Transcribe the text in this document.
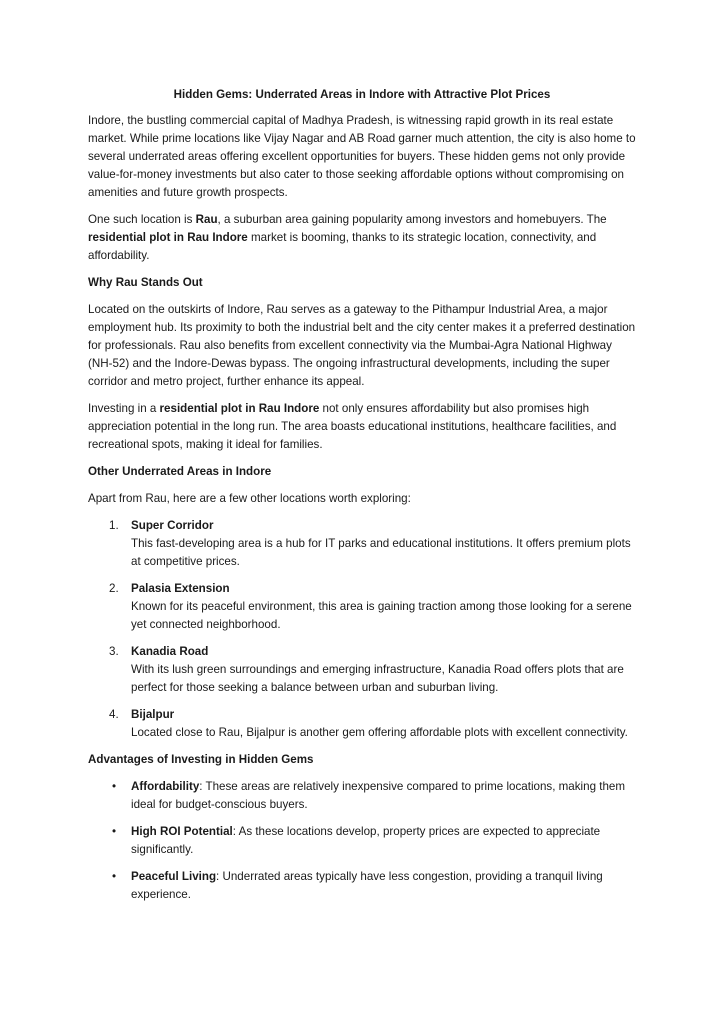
Hidden Gems: Underrated Areas in Indore with Attractive Plot Prices

Indore, the bustling commercial capital of Madhya Pradesh, is witnessing rapid growth in its real estate market. While prime locations like Vijay Nagar and AB Road garner much attention, the city is also home to several underrated areas offering excellent opportunities for buyers. These hidden gems not only provide value-for-money investments but also cater to those seeking affordable options without compromising on amenities and future growth prospects.

One such location is Rau, a suburban area gaining popularity among investors and homebuyers. The residential plot in Rau Indore market is booming, thanks to its strategic location, connectivity, and affordability.

Why Rau Stands Out

Located on the outskirts of Indore, Rau serves as a gateway to the Pithampur Industrial Area, a major employment hub. Its proximity to both the industrial belt and the city center makes it a preferred destination for professionals. Rau also benefits from excellent connectivity via the Mumbai-Agra National Highway (NH-52) and the Indore-Dewas bypass. The ongoing infrastructural developments, including the super corridor and metro project, further enhance its appeal.

Investing in a residential plot in Rau Indore not only ensures affordability but also promises high appreciation potential in the long run. The area boasts educational institutions, healthcare facilities, and recreational spots, making it ideal for families.

Other Underrated Areas in Indore

Apart from Rau, here are a few other locations worth exploring:

1. Super Corridor
This fast-developing area is a hub for IT parks and educational institutions. It offers premium plots at competitive prices.
2. Palasia Extension
Known for its peaceful environment, this area is gaining traction among those looking for a serene yet connected neighborhood.
3. Kanadia Road
With its lush green surroundings and emerging infrastructure, Kanadia Road offers plots that are perfect for those seeking a balance between urban and suburban living.
4. Bijalpur
Located close to Rau, Bijalpur is another gem offering affordable plots with excellent connectivity.
Advantages of Investing in Hidden Gems
• Affordability: These areas are relatively inexpensive compared to prime locations, making them ideal for budget-conscious buyers.
• High ROI Potential: As these locations develop, property prices are expected to appreciate significantly.
• Peaceful Living: Underrated areas typically have less congestion, providing a tranquil living experience.
